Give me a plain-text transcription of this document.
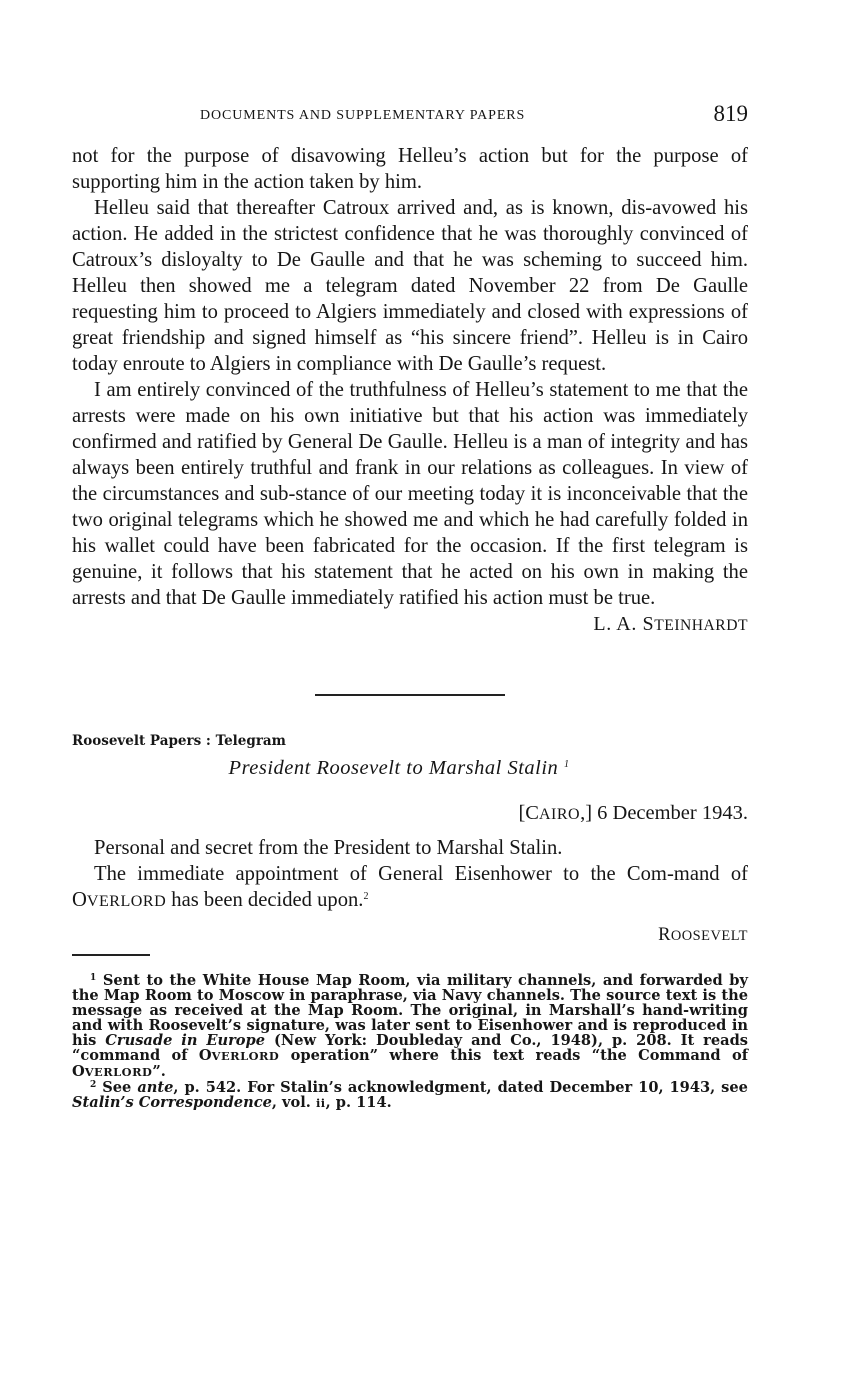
DOCUMENTS AND SUPPLEMENTARY PAPERS	819

not for the purpose of disavowing Helleu’s action but for the purpose of supporting him in the action taken by him.

Helleu said that thereafter Catroux arrived and, as is known, dis-avowed his action. He added in the strictest confidence that he was thoroughly convinced of Catroux’s disloyalty to De Gaulle and that he was scheming to succeed him. Helleu then showed me a telegram dated November 22 from De Gaulle requesting him to proceed to Algiers immediately and closed with expressions of great friendship and signed himself as “his sincere friend”. Helleu is in Cairo today enroute to Algiers in compliance with De Gaulle’s request.

I am entirely convinced of the truthfulness of Helleu’s statement to me that the arrests were made on his own initiative but that his action was immediately confirmed and ratified by General De Gaulle. Helleu is a man of integrity and has always been entirely truthful and frank in our relations as colleagues. In view of the circumstances and sub-stance of our meeting today it is inconceivable that the two original telegrams which he showed me and which he had carefully folded in his wallet could have been fabricated for the occasion. If the first telegram is genuine, it follows that his statement that he acted on his own in making the arrests and that De Gaulle immediately ratified his action must be true.

L. A. STEINHARDT
Roosevelt Papers : Telegram
President Roosevelt to Marshal Stalin $^1$
[CAIRO,] 6 December 1943.

Personal and secret from the President to Marshal Stalin.

The immediate appointment of General Eisenhower to the Com-mand of OVERLORD has been decided upon.$^2$

ROOSEVELT

$^1$ Sent to the White House Map Room, via military channels, and forwarded by the Map Room to Moscow in paraphrase, via Navy channels. The source text is the message as received at the Map Room. The original, in Marshall’s hand-writing and with Roosevelt’s signature, was later sent to Eisenhower and is reproduced in his Crusade in Europe (New York: Doubleday and Co., 1948), p. 208. It reads “command of OVERLORD operation” where this text reads “the Command of OVERLORD”.

$^2$ See ante, p. 542. For Stalin’s acknowledgment, dated December 10, 1943, see Stalin’s Correspondence, vol. ii, p. 114.
